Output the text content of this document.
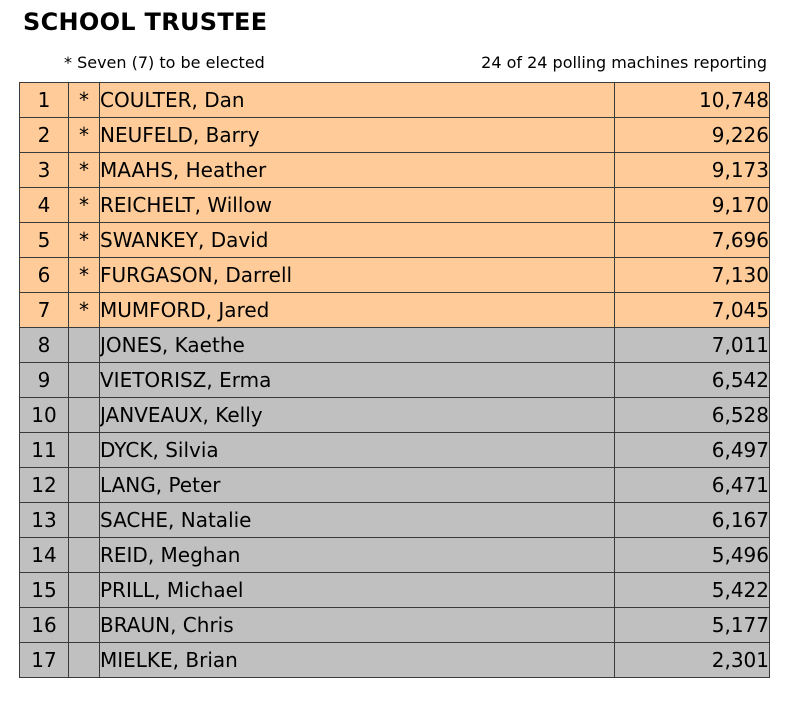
SCHOOL TRUSTEE
* Seven (7) to be elected	24 of 24 polling machines reporting
1	*	COULTER, Dan	10,748
2	*	NEUFELD, Barry	9,226
3	*	MAAHS, Heather	9,173
4	*	REICHELT, Willow	9,170
5	*	SWANKEY, David	7,696
6	*	FURGASON, Darrell	7,130
7	*	MUMFORD, Jared	7,045
8		JONES, Kaethe	7,011
9		VIETORISZ, Erma	6,542
10		JANVEAUX, Kelly	6,528
11		DYCK, Silvia	6,497
12		LANG, Peter	6,471
13		SACHE, Natalie	6,167
14		REID, Meghan	5,496
15		PRILL, Michael	5,422
16		BRAUN, Chris	5,177
17		MIELKE, Brian	2,301
